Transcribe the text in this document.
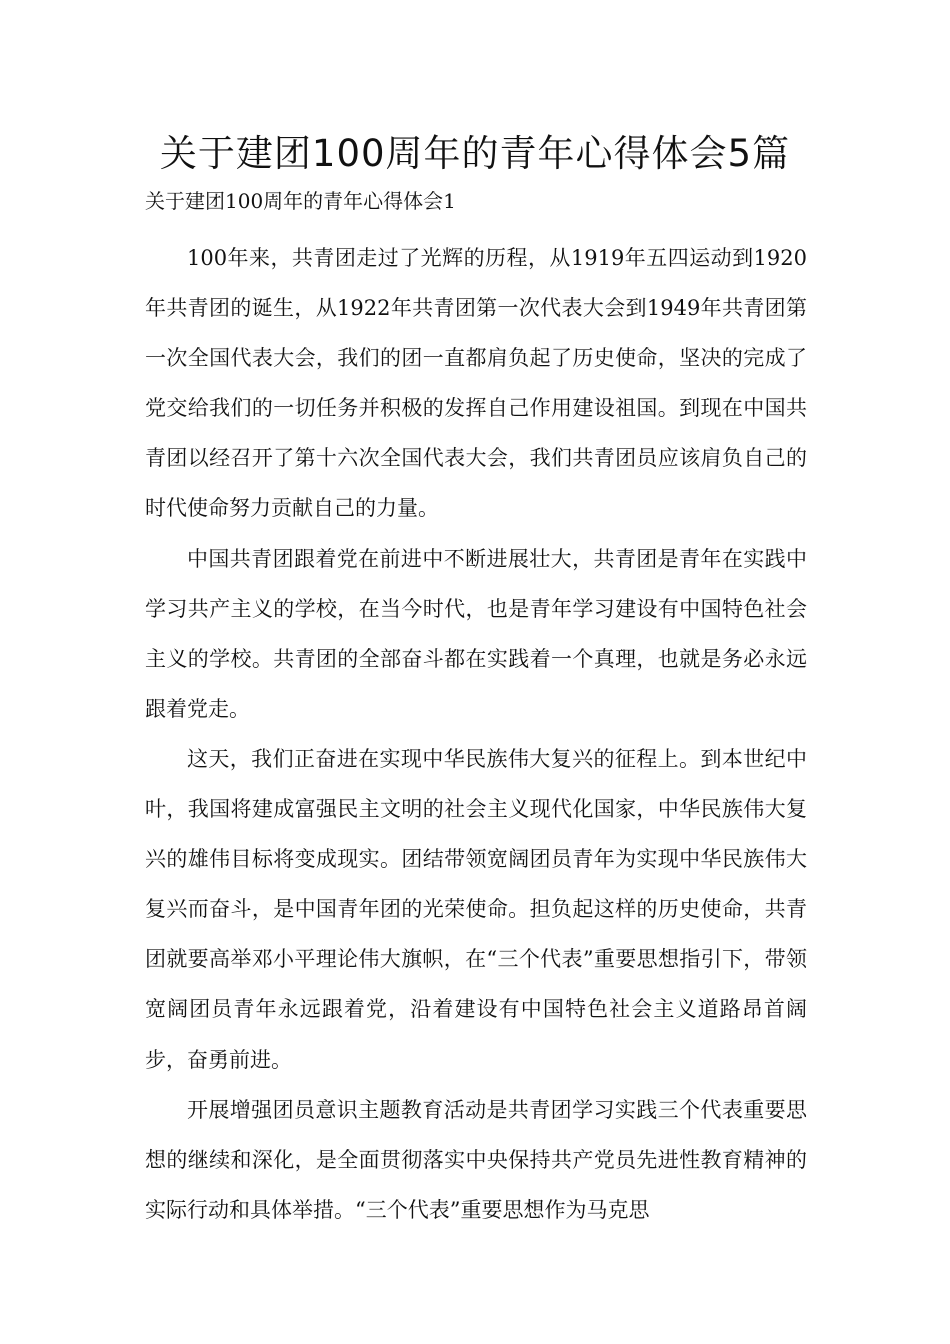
关于建团100周年的青年心得体会5篇

关于建团100周年的青年心得体会1

100年来，共青团走过了光辉的历程，从1919年五四运动到1920年共青团的诞生，从1922年共青团第一次代表大会到1949年共青团第一次全国代表大会，我们的团一直都肩负起了历史使命，坚决的完成了党交给我们的一切任务并积极的发挥自己作用建设祖国。到现在中国共青团以经召开了第十六次全国代表大会，我们共青团员应该肩负自己的时代使命努力贡献自己的力量。

中国共青团跟着党在前进中不断进展壮大，共青团是青年在实践中学习共产主义的学校，在当今时代，也是青年学习建设有中国特色社会主义的学校。共青团的全部奋斗都在实践着一个真理，也就是务必永远跟着党走。

这天，我们正奋进在实现中华民族伟大复兴的征程上。到本世纪中叶，我国将建成富强民主文明的社会主义现代化国家，中华民族伟大复兴的雄伟目标将变成现实。团结带领宽阔团员青年为实现中华民族伟大复兴而奋斗，是中国青年团的光荣使命。担负起这样的历史使命，共青团就要高举邓小平理论伟大旗帜，在“三个代表”重要思想指引下，带领宽阔团员青年永远跟着党，沿着建设有中国特色社会主义道路昂首阔步，奋勇前进。

开展增强团员意识主题教育活动是共青团学习实践三个代表重要思想的继续和深化，是全面贯彻落实中央保持共产党员先进性教育精神的实际行动和具体举措。“三个代表”重要思想作为马克思
